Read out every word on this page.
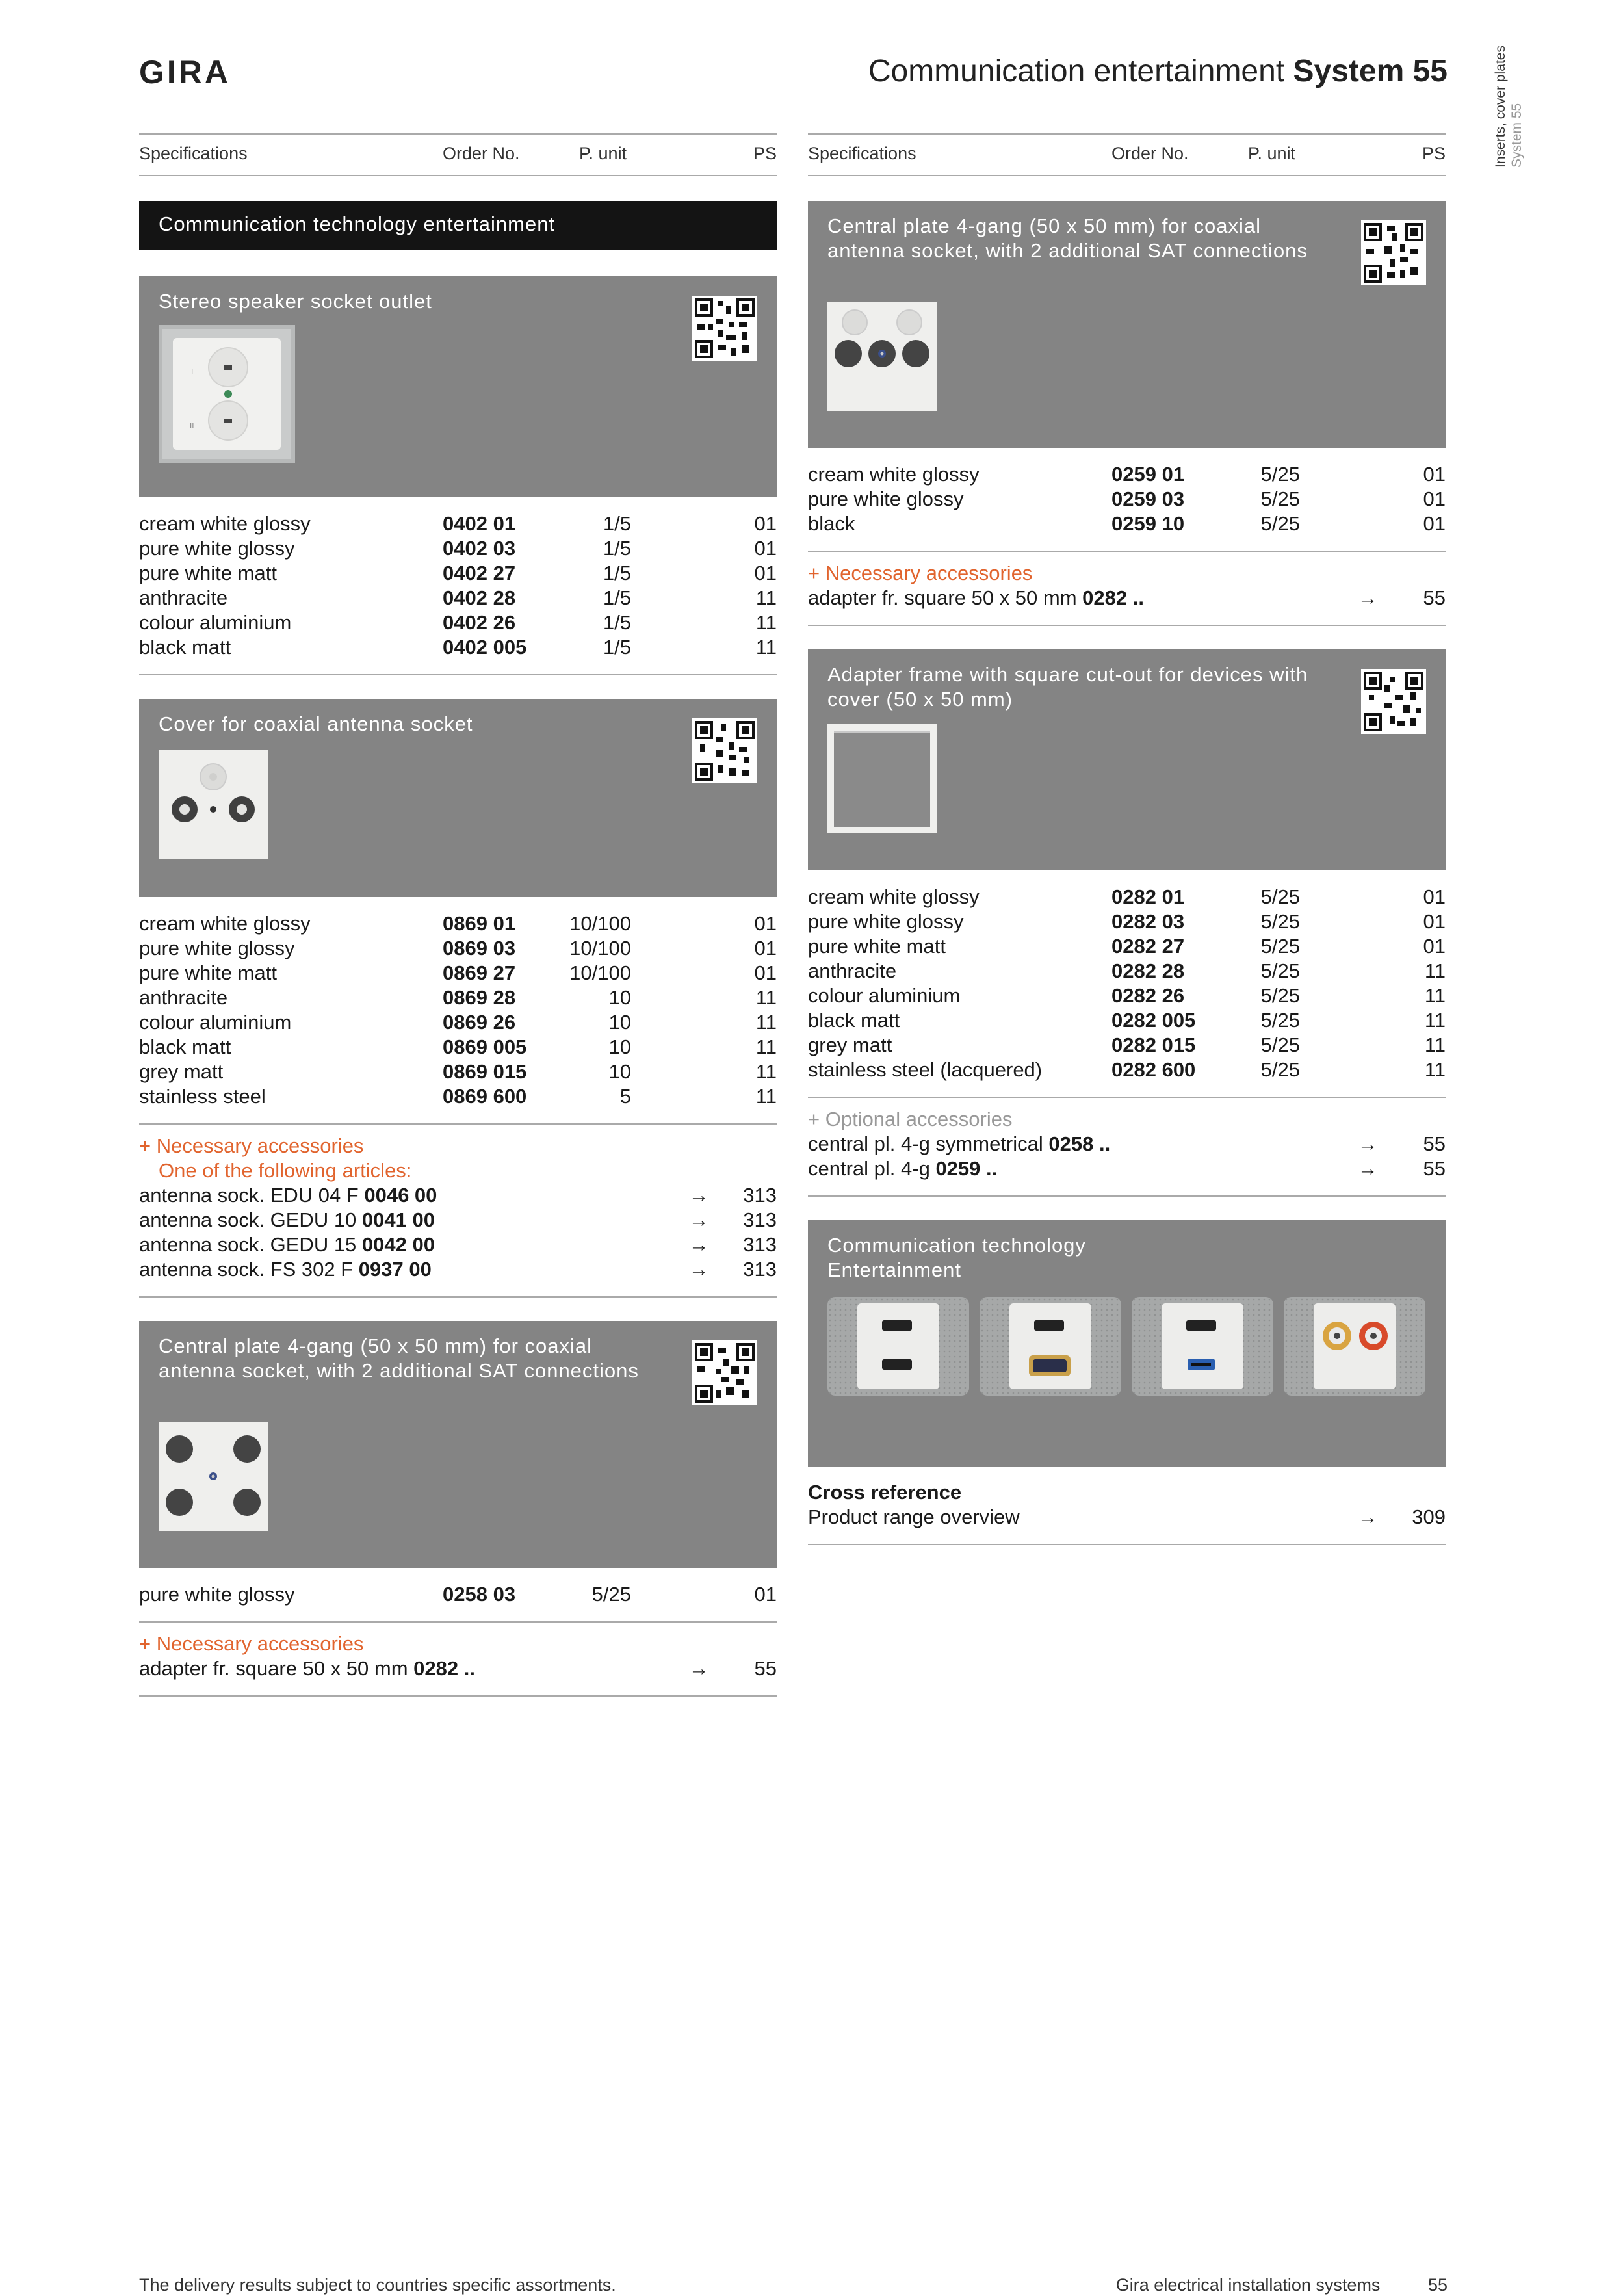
GIRA	Communication entertainment System 55	Inserts, cover plates System 55
Specifications	Order No.	P. unit	PS
Communication technology entertainment
Stereo speaker socket outlet
I
II
cream white glossy	0402 01	1/5	01
pure white glossy	0402 03	1/5	01
pure white matt	0402 27	1/5	01
anthracite	0402 28	1/5	11
colour aluminium	0402 26	1/5	11
black matt	0402 005	1/5	11
Cover for coaxial antenna socket
cream white glossy	0869 01	10/100	01
pure white glossy	0869 03	10/100	01
pure white matt	0869 27	10/100	01
anthracite	0869 28	10	11
colour aluminium	0869 26	10	11
black matt	0869 005	10	11
grey matt	0869 015	10	11
stainless steel	0869 600	5	11
+ Necessary accessories
One of the following articles:
antenna sock. EDU 04 F 0046 00	→	313
antenna sock. GEDU 10 0041 00	→	313
antenna sock. GEDU 15 0042 00	→	313
antenna sock. FS 302 F 0937 00	→	313
Central plate 4-gang (50 x 50 mm) for coaxial antenna socket, with 2 additional SAT connections
pure white glossy	0258 03	5/25	01
+ Necessary accessories
adapter fr. square 50 x 50 mm 0282 ..	→	55
Specifications	Order No.	P. unit	PS
Central plate 4-gang (50 x 50 mm) for coaxial antenna socket, with 2 additional SAT connections
cream white glossy	0259 01	5/25	01
pure white glossy	0259 03	5/25	01
black	0259 10	5/25	01
+ Necessary accessories
adapter fr. square 50 x 50 mm 0282 ..	→	55
Adapter frame with square cut-out for devices with cover (50 x 50 mm)
cream white glossy	0282 01	5/25	01
pure white glossy	0282 03	5/25	01
pure white matt	0282 27	5/25	01
anthracite	0282 28	5/25	11
colour aluminium	0282 26	5/25	11
black matt	0282 005	5/25	11
grey matt	0282 015	5/25	11
stainless steel (lacquered)	0282 600	5/25	11
+ Optional accessories
central pl. 4-g symmetrical 0258 ..	→	55
central pl. 4-g 0259 ..	→	55
Communication technology
Entertainment
Cross reference
Product range overview	→	309
The delivery results subject to countries specific assortments.	Gira electrical installation systems	55
